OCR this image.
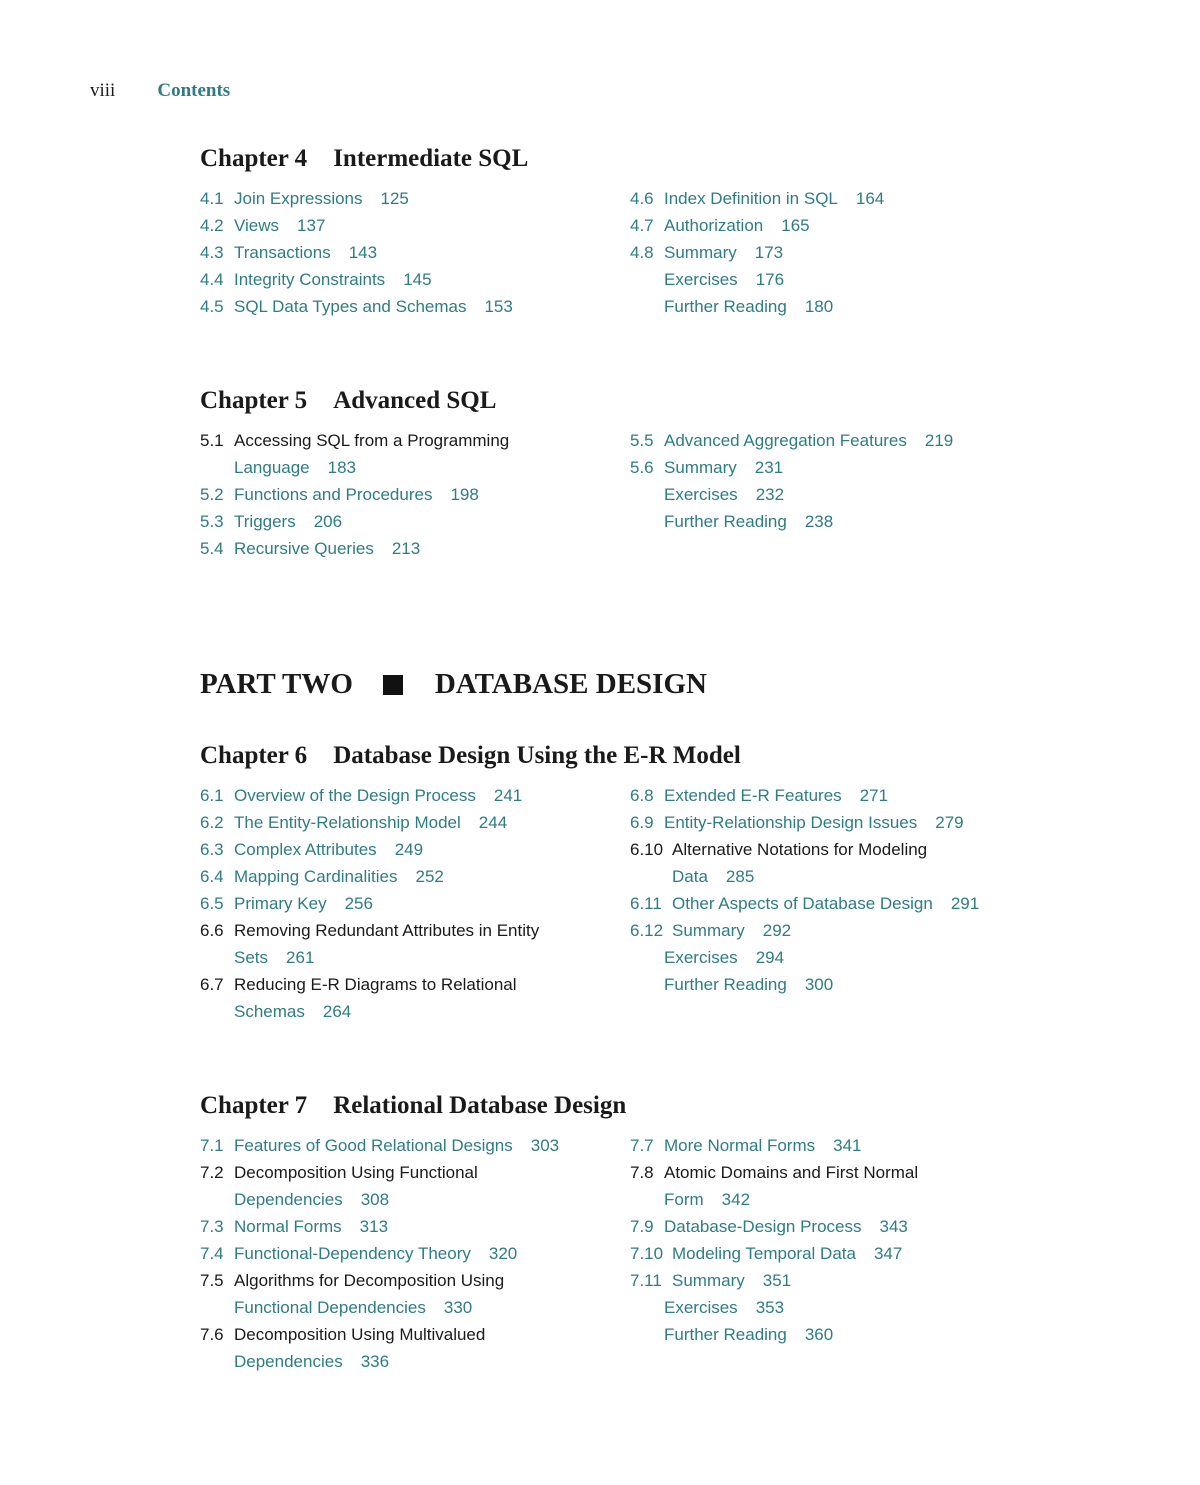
viii Contents
Chapter 4 Intermediate SQL
4.1 Join Expressions 125
4.2 Views 137
4.3 Transactions 143
4.4 Integrity Constraints 145
4.5 SQL Data Types and Schemas 153
4.6 Index Definition in SQL 164
4.7 Authorization 165
4.8 Summary 173
Exercises 176
Further Reading 180
Chapter 5 Advanced SQL
5.1 Accessing SQL from a Programming
Language 183
5.2 Functions and Procedures 198
5.3 Triggers 206
5.4 Recursive Queries 213
5.5 Advanced Aggregation Features 219
5.6 Summary 231
Exercises 232
Further Reading 238
PART TWO	DATABASE DESIGN
Chapter 6 Database Design Using the E-R Model
6.1 Overview of the Design Process 241
6.2 The Entity-Relationship Model 244
6.3 Complex Attributes 249
6.4 Mapping Cardinalities 252
6.5 Primary Key 256
6.6 Removing Redundant Attributes in Entity
Sets 261
6.7 Reducing E-R Diagrams to Relational
Schemas 264
6.8 Extended E-R Features 271
6.9 Entity-Relationship Design Issues 279
6.10 Alternative Notations for Modeling
Data 285
6.11 Other Aspects of Database Design 291
6.12 Summary 292
Exercises 294
Further Reading 300
Chapter 7 Relational Database Design
7.1 Features of Good Relational Designs 303
7.2 Decomposition Using Functional
Dependencies 308
7.3 Normal Forms 313
7.4 Functional-Dependency Theory 320
7.5 Algorithms for Decomposition Using
Functional Dependencies 330
7.6 Decomposition Using Multivalued
Dependencies 336
7.7 More Normal Forms 341
7.8 Atomic Domains and First Normal
Form 342
7.9 Database-Design Process 343
7.10 Modeling Temporal Data 347
7.11 Summary 351
Exercises 353
Further Reading 360
